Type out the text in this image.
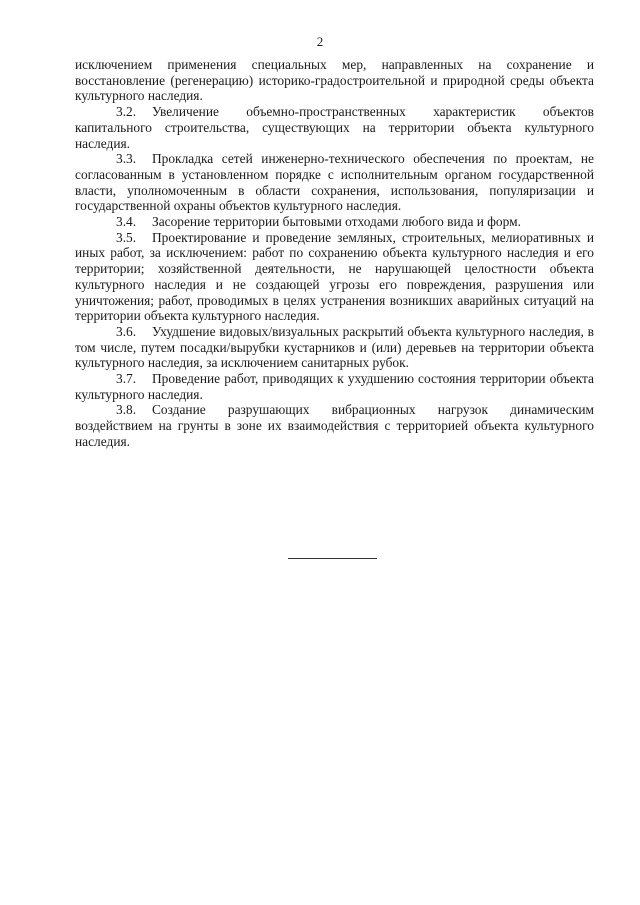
2

исключением применения специальных мер, направленных на сохранение и восстановление (регенерацию) историко-градостроительной и природной среды объекта культурного наследия.

3.2. Увеличение объемно-пространственных характеристик объектов капитального строительства, существующих на территории объекта культурного наследия.

3.3. Прокладка сетей инженерно-технического обеспечения по проектам, не согласованным в установленном порядке с исполнительным органом государственной власти, уполномоченным в области сохранения, использования, популяризации и государственной охраны объектов культурного наследия.

3.4. Засорение территории бытовыми отходами любого вида и форм.

3.5. Проектирование и проведение земляных, строительных, мелиоративных и иных работ, за исключением: работ по сохранению объекта культурного наследия и его территории; хозяйственной деятельности, не нарушающей целостности объекта культурного наследия и не создающей угрозы его повреждения, разрушения или уничтожения; работ, проводимых в целях устранения возникших аварийных ситуаций на территории объекта культурного наследия.

3.6. Ухудшение видовых/визуальных раскрытий объекта культурного наследия, в том числе, путем посадки/вырубки кустарников и (или) деревьев на территории объекта культурного наследия, за исключением санитарных рубок.

3.7. Проведение работ, приводящих к ухудшению состояния территории объекта культурного наследия.

3.8. Создание разрушающих вибрационных нагрузок динамическим воздействием на грунты в зоне их взаимодействия с территорией объекта культурного наследия.
